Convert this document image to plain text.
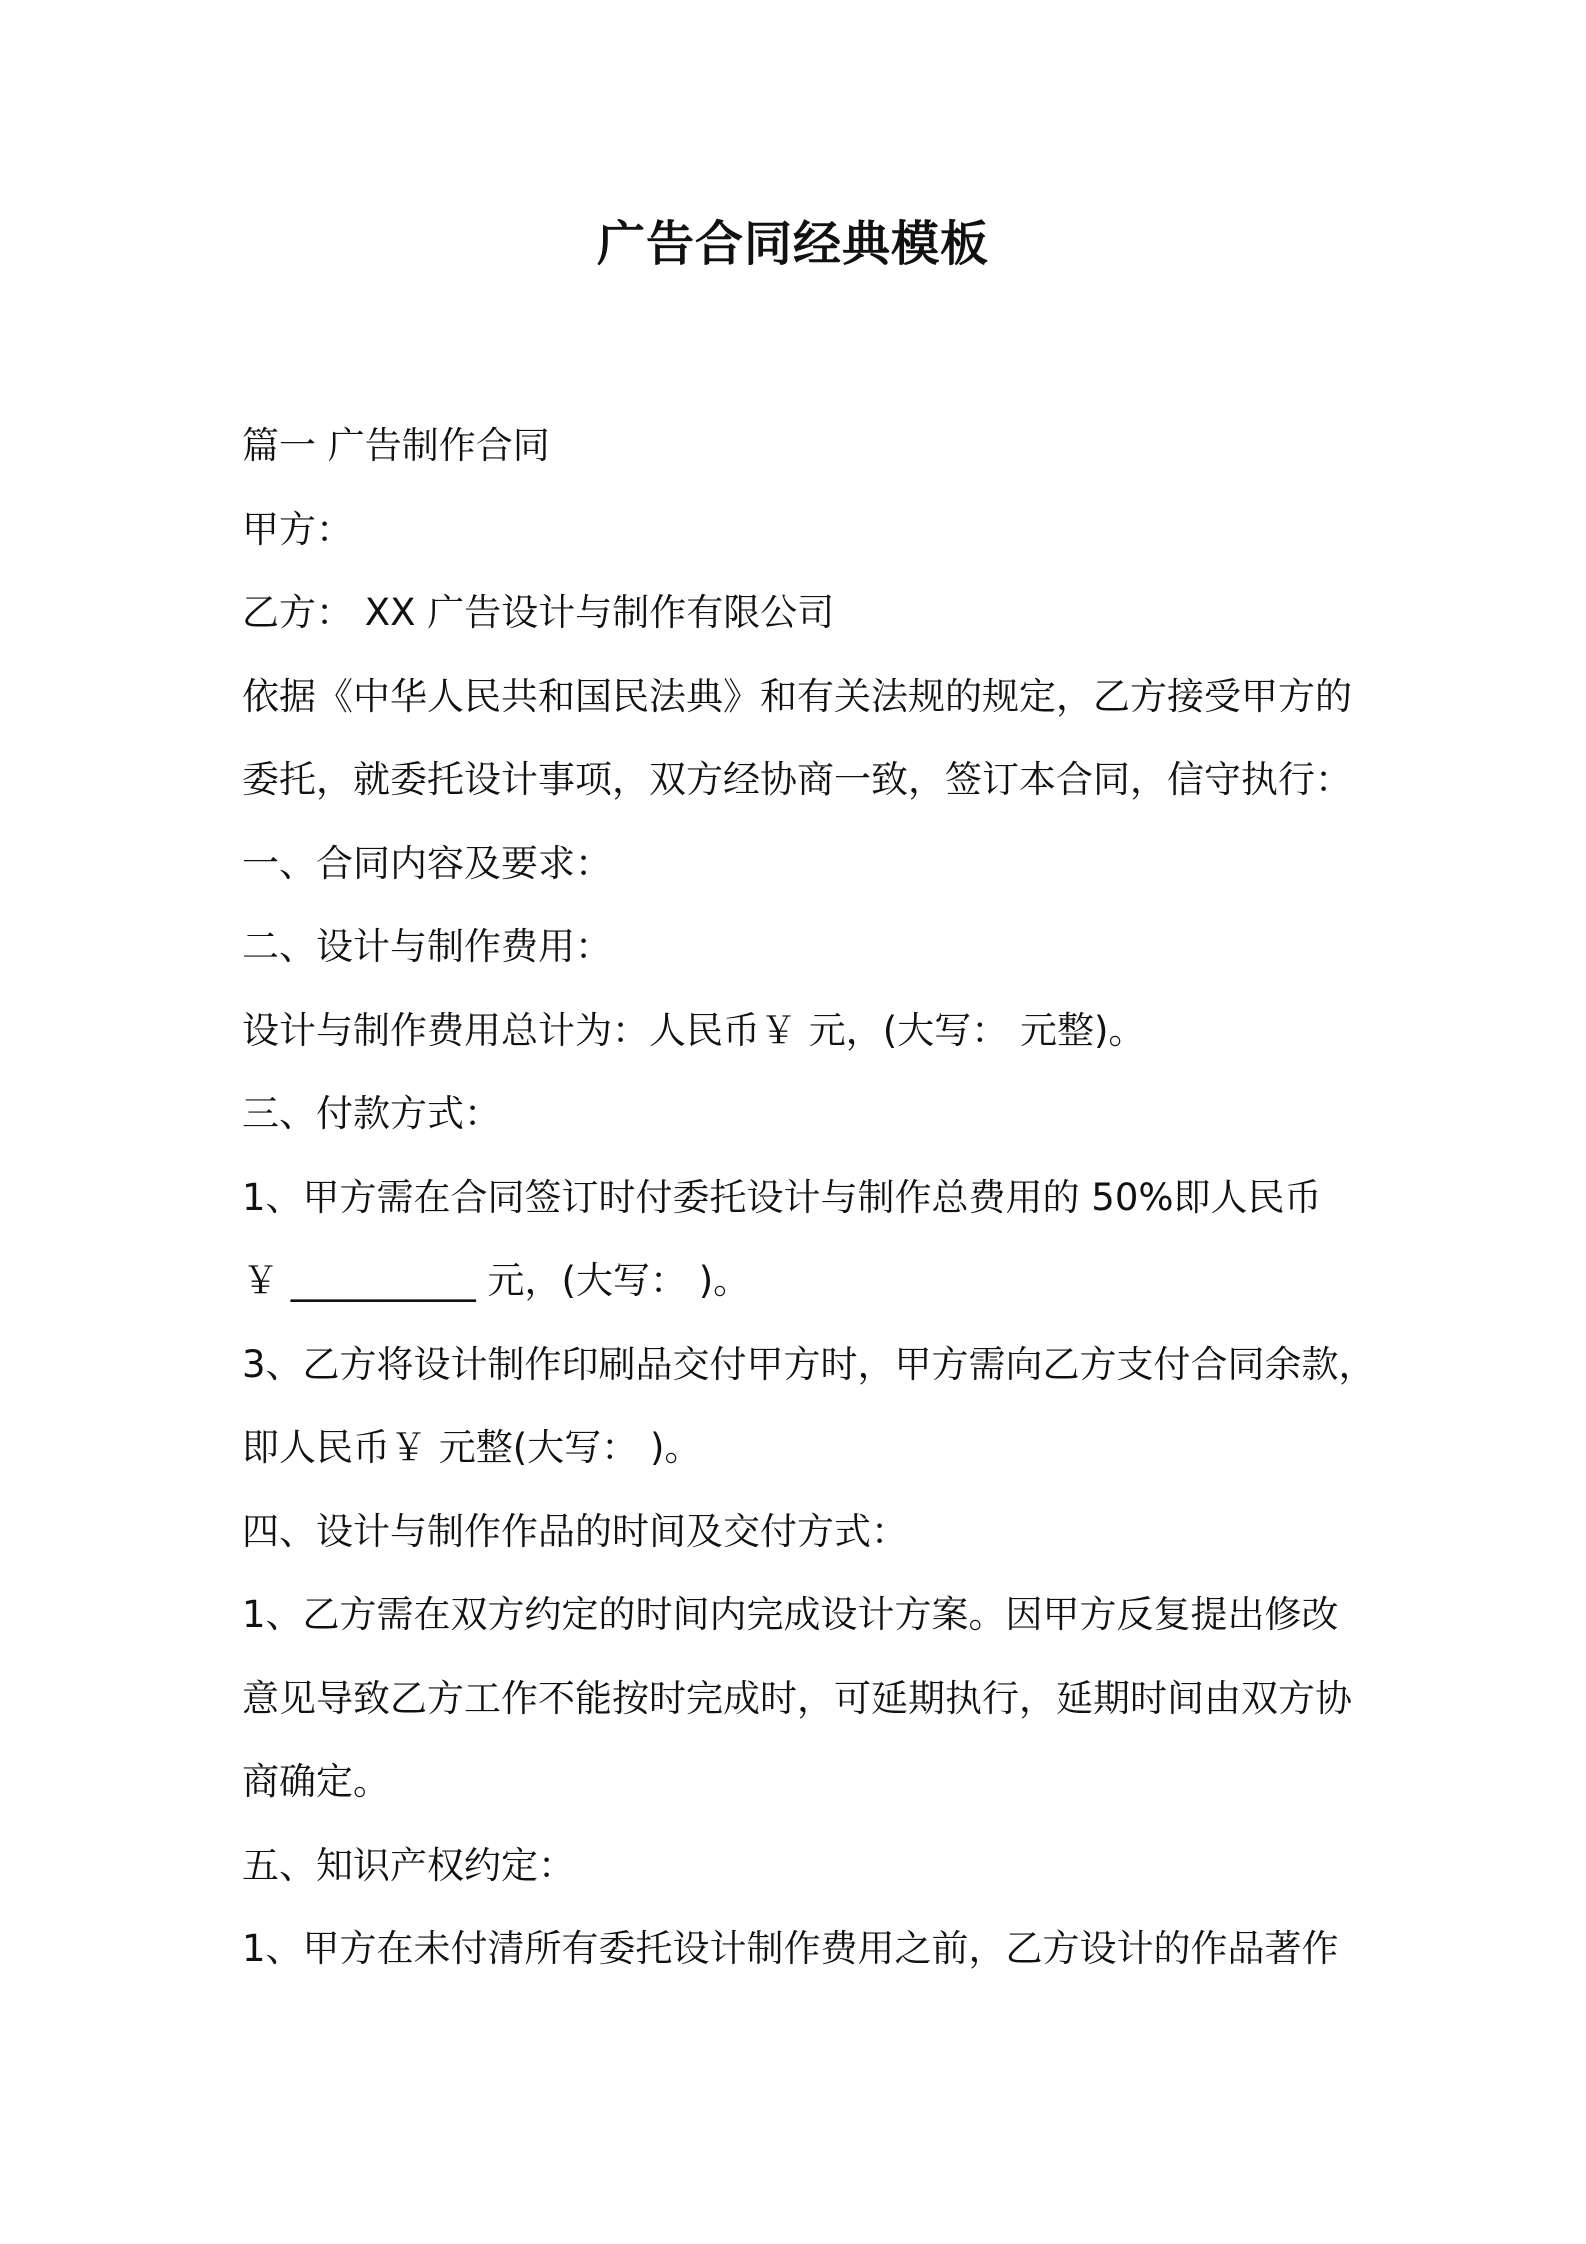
广告合同经典模板

篇一 广告制作合同

甲方：

乙方： XX 广告设计与制作有限公司

依据《中华人民共和国民法典》和有关法规的规定，乙方接受甲方的

委托，就委托设计事项，双方经协商一致，签订本合同，信守执行：

一、合同内容及要求：

二、设计与制作费用：

设计与制作费用总计为：人民币￥ 元，(大写： 元整)。

三、付款方式：

1、甲方需在合同签订时付委托设计与制作总费用的 50%即人民币

￥ __________ 元，(大写： )。

3、乙方将设计制作印刷品交付甲方时，甲方需向乙方支付合同余款，

即人民币￥ 元整(大写： )。

四、设计与制作作品的时间及交付方式：

1、乙方需在双方约定的时间内完成设计方案。因甲方反复提出修改

意见导致乙方工作不能按时完成时，可延期执行，延期时间由双方协

商确定。

五、知识产权约定：

1、甲方在未付清所有委托设计制作费用之前，乙方设计的作品著作
